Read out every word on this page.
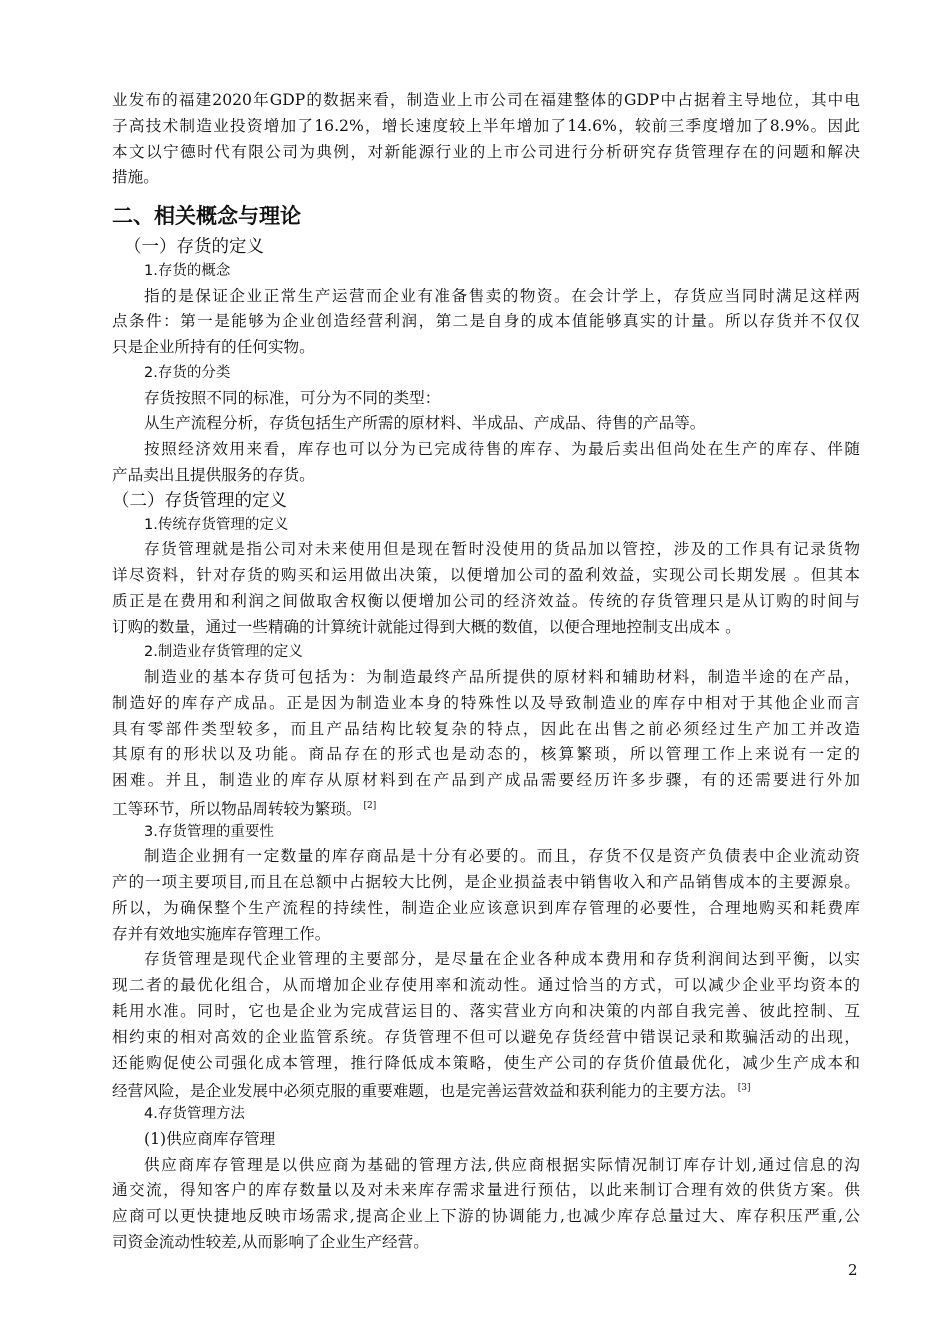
业发布的福建2020年GDP的数据来看，制造业上市公司在福建整体的GDP中占据着主导地位，其中电
子高技术制造业投资增加了16.2%，增长速度较上半年增加了14.6%，较前三季度增加了8.9%。因此
本文以宁德时代有限公司为典例，对新能源行业的上市公司进行分析研究存货管理存在的问题和解决
措施。
二、相关概念与理论
（一）存货的定义
1.存货的概念
指的是保证企业正常生产运营而企业有准备售卖的物资。在会计学上，存货应当同时满足这样两
点条件：第一是能够为企业创造经营利润，第二是自身的成本值能够真实的计量。所以存货并不仅仅
只是企业所持有的任何实物。
2.存货的分类
存货按照不同的标准，可分为不同的类型：
从生产流程分析，存货包括生产所需的原材料、半成品、产成品、待售的产品等。
按照经济效用来看，库存也可以分为已完成待售的库存、为最后卖出但尚处在生产的库存、伴随
产品卖出且提供服务的存货。
（二）存货管理的定义
1.传统存货管理的定义
存货管理就是指公司对未来使用但是现在暂时没使用的货品加以管控，涉及的工作具有记录货物
详尽资料，针对存货的购买和运用做出决策，以便增加公司的盈利效益，实现公司长期发展 。但其本
质正是在费用和利润之间做取舍权衡以便增加公司的经济效益。传统的存货管理只是从订购的时间与
订购的数量，通过一些精确的计算统计就能过得到大概的数值，以便合理地控制支出成本 。
2.制造业存货管理的定义
制造业的基本存货可包括为：为制造最终产品所提供的原材料和辅助材料，制造半途的在产品，
制造好的库存产成品。正是因为制造业本身的特殊性以及导致制造业的库存中相对于其他企业而言
具有零部件类型较多，而且产品结构比较复杂的特点，因此在出售之前必须经过生产加工并改造
其原有的形状以及功能。商品存在的形式也是动态的，核算繁琐，所以管理工作上来说有一定的
困难。并且，制造业的库存从原材料到在产品到产成品需要经历许多步骤，有的还需要进行外加
工等环节，所以物品周转较为繁琐。 [2]
3.存货管理的重要性
制造企业拥有一定数量的库存商品是十分有必要的。而且，存货不仅是资产负债表中企业流动资
产的一项主要项目,而且在总额中占据较大比例，是企业损益表中销售收入和产品销售成本的主要源泉。
所以，为确保整个生产流程的持续性，制造企业应该意识到库存管理的必要性，合理地购买和耗费库
存并有效地实施库存管理工作。
存货管理是现代企业管理的主要部分，是尽量在企业各种成本费用和存货利润间达到平衡，以实
现二者的最优化组合，从而增加企业存使用率和流动性。通过恰当的方式，可以减少企业平均资本的
耗用水准。同时，它也是企业为完成营运目的、落实营业方向和决策的内部自我完善、彼此控制、互
相约束的相对高效的企业监管系统。存货管理不但可以避免存货经营中错误记录和欺骗活动的出现，
还能购促使公司强化成本管理，推行降低成本策略，使生产公司的存货价值最优化，减少生产成本和
经营风险，是企业发展中必须克服的重要难题，也是完善运营效益和获利能力的主要方法。 [3]
4.存货管理方法
(1)供应商库存管理
供应商库存管理是以供应商为基础的管理方法,供应商根据实际情况制订库存计划,通过信息的沟
通交流，得知客户的库存数量以及对未来库存需求量进行预估，以此来制订合理有效的供货方案。供
应商可以更快捷地反映市场需求,提高企业上下游的协调能力,也减少库存总量过大、库存积压严重,公
司资金流动性较差,从而影响了企业生产经营。
2
